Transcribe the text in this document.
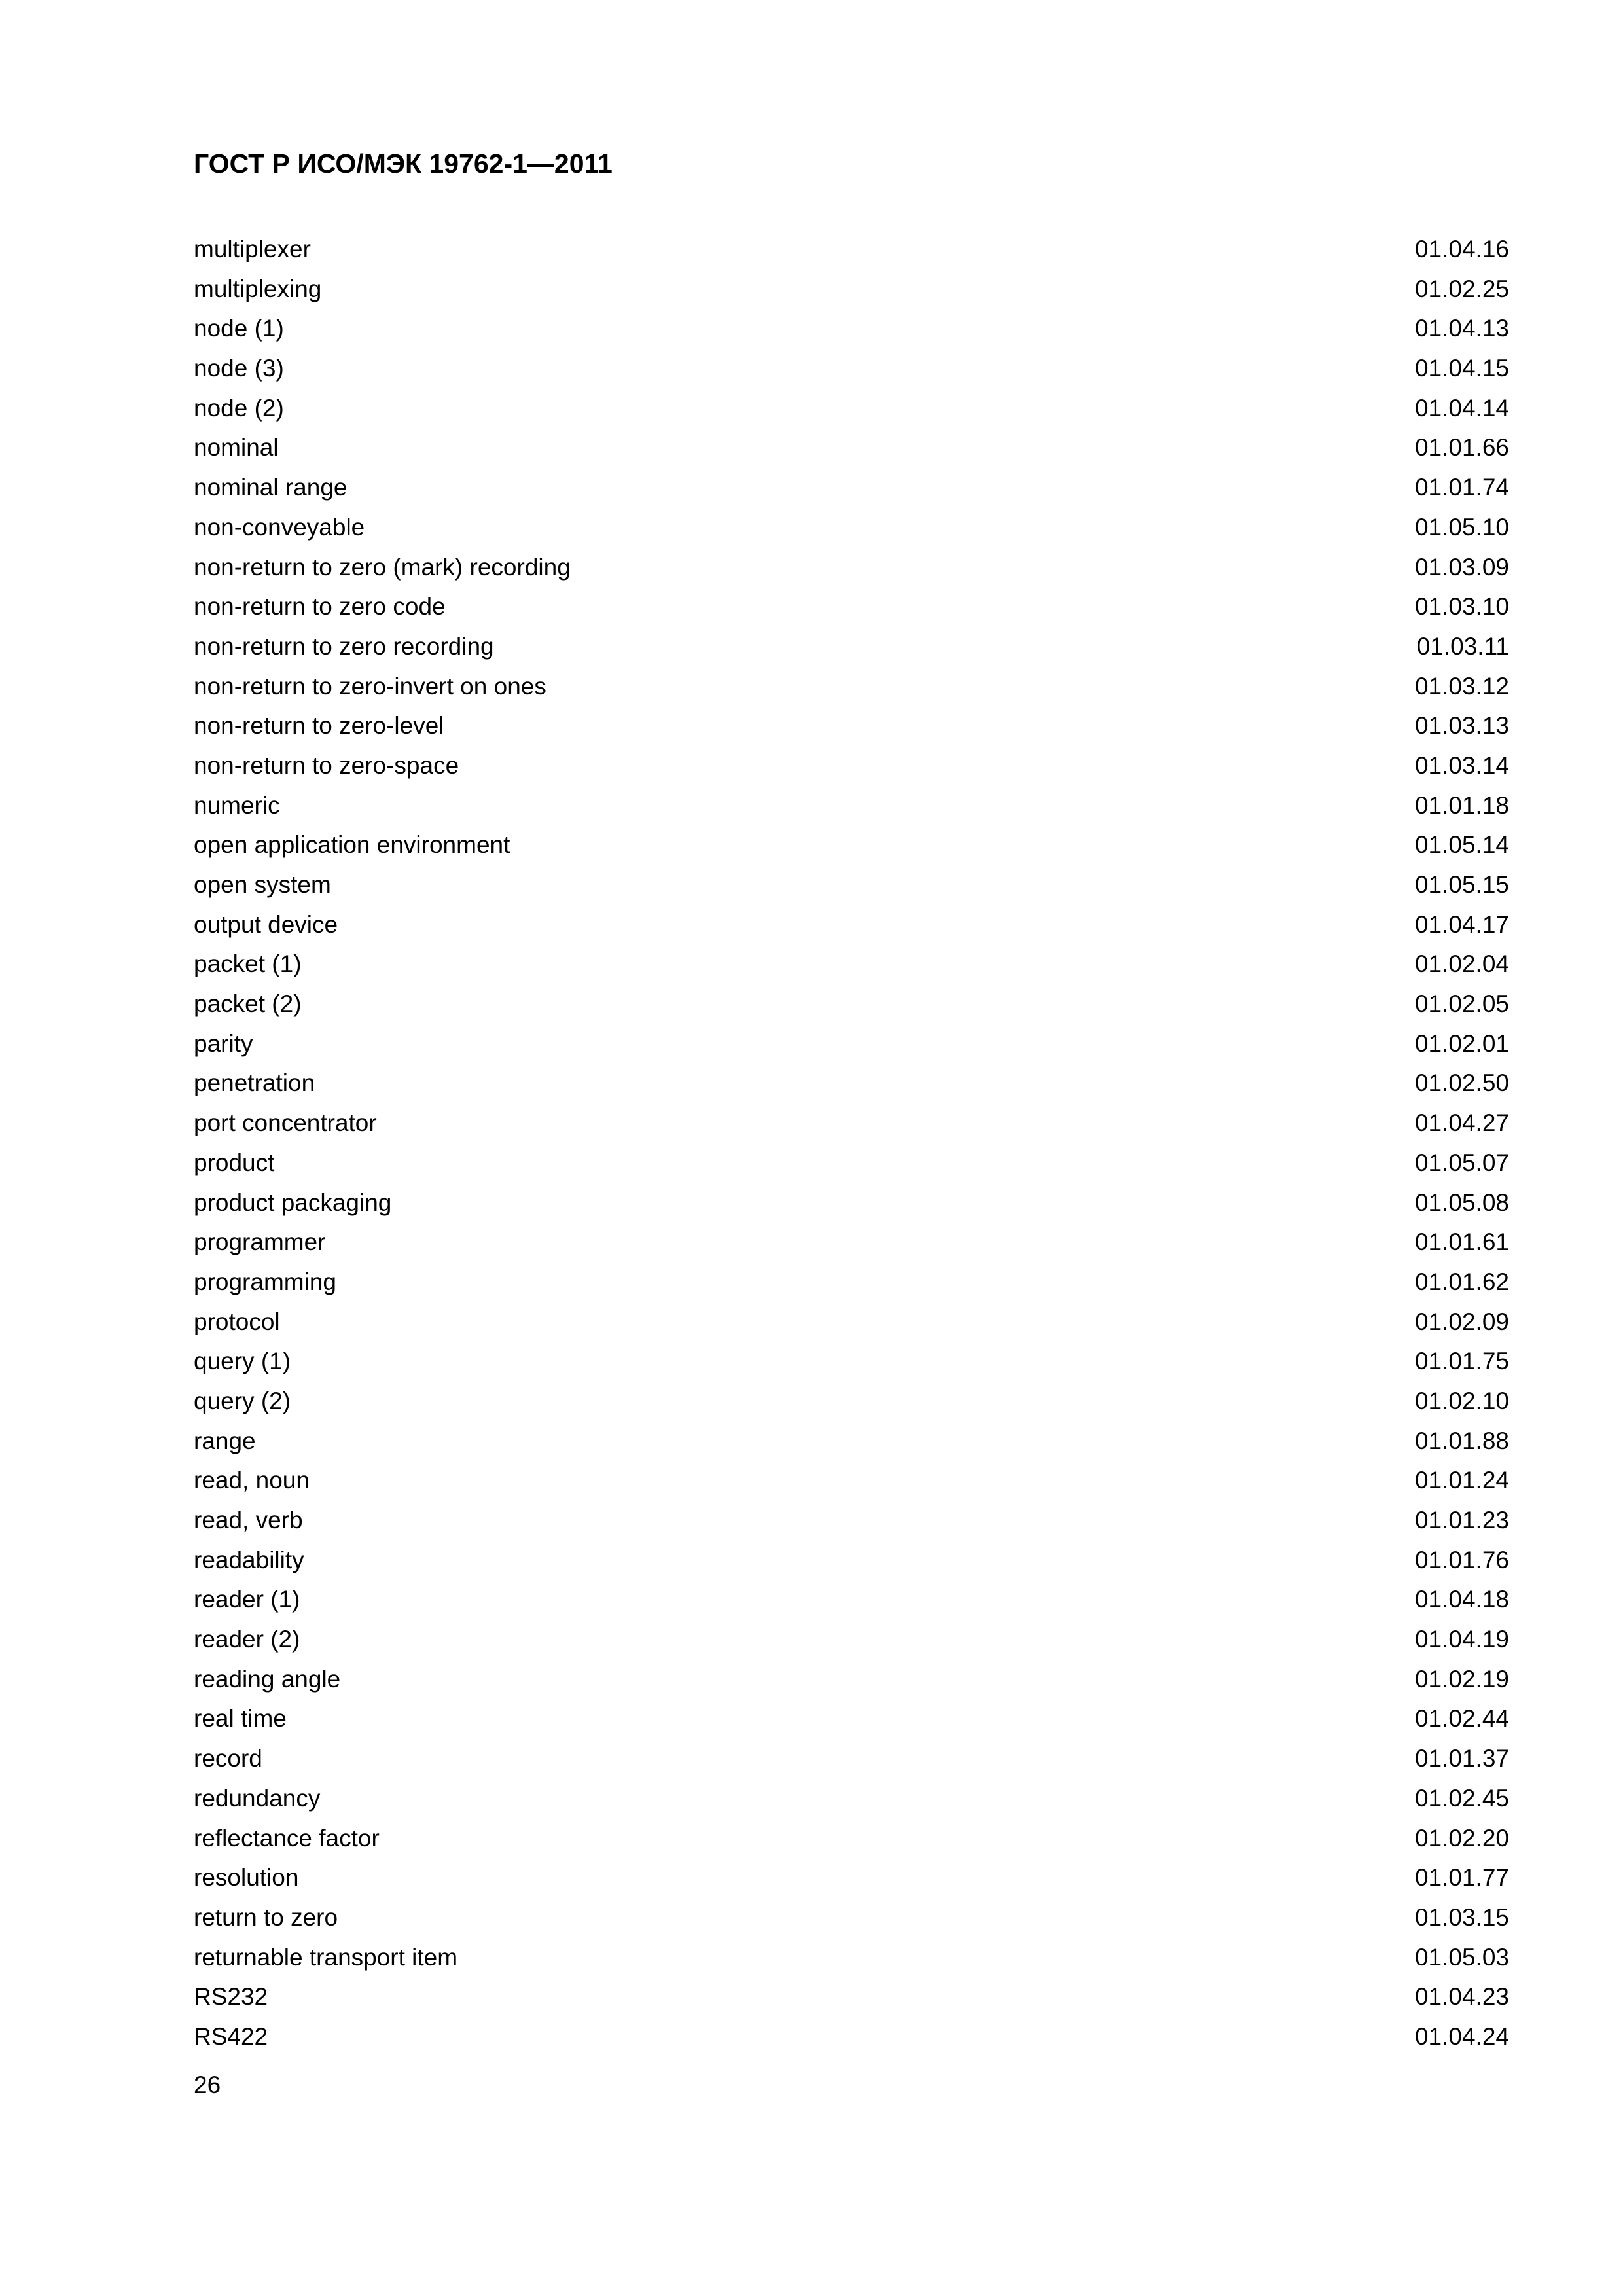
ГОСТ Р ИСО/МЭК 19762-1—2011
multiplexer	01.04.16
multiplexing	01.02.25
node (1)	01.04.13
node (3)	01.04.15
node (2)	01.04.14
nominal	01.01.66
nominal range	01.01.74
non-conveyable	01.05.10
non-return to zero (mark) recording	01.03.09
non-return to zero code	01.03.10
non-return to zero recording	01.03.11
non-return to zero-invert on ones	01.03.12
non-return to zero-level	01.03.13
non-return to zero-space	01.03.14
numeric	01.01.18
open application environment	01.05.14
open system	01.05.15
output device	01.04.17
packet (1)	01.02.04
packet (2)	01.02.05
parity	01.02.01
penetration	01.02.50
port concentrator	01.04.27
product	01.05.07
product packaging	01.05.08
programmer	01.01.61
programming	01.01.62
protocol	01.02.09
query (1)	01.01.75
query (2)	01.02.10
range	01.01.88
read, noun	01.01.24
read, verb	01.01.23
readability	01.01.76
reader (1)	01.04.18
reader (2)	01.04.19
reading angle	01.02.19
real time	01.02.44
record	01.01.37
redundancy	01.02.45
reflectance factor	01.02.20
resolution	01.01.77
return to zero	01.03.15
returnable transport item	01.05.03
RS232	01.04.23
RS422	01.04.24
26
